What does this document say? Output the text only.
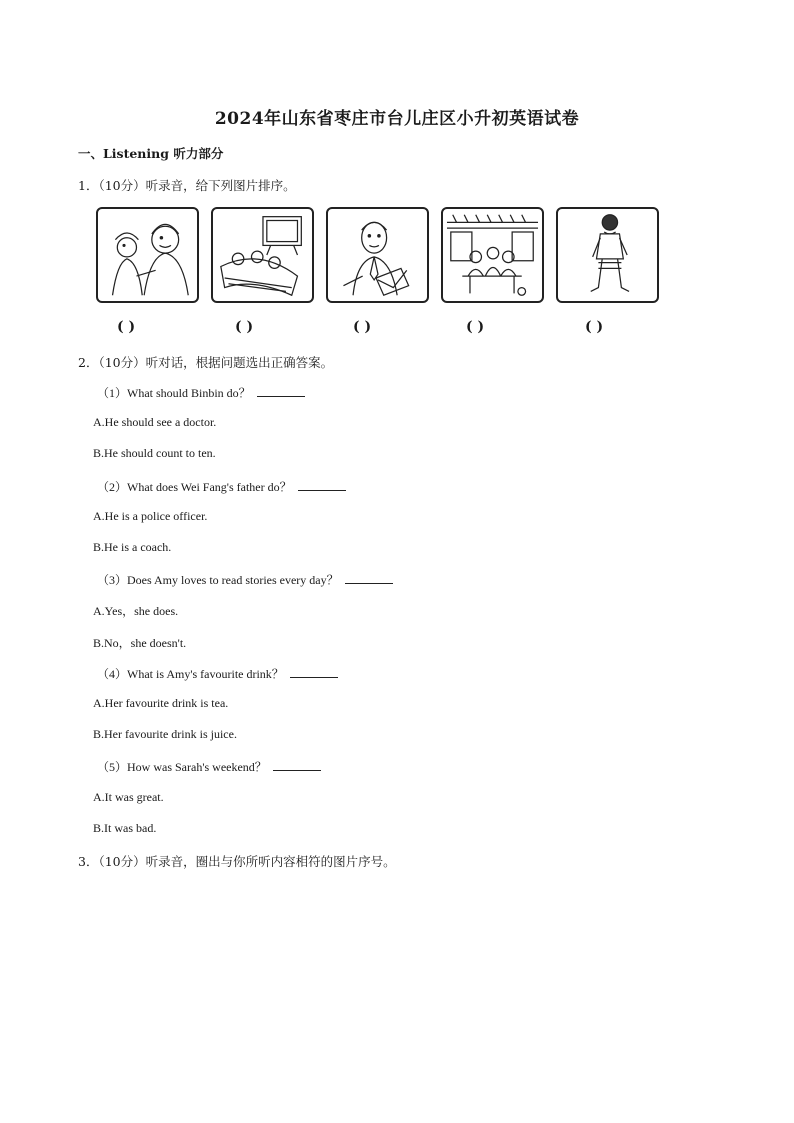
2024年山东省枣庄市台儿庄区小升初英语试卷
一、Listening 听力部分
1．（10分）听录音，给下列图片排序。
( )	( )	( )	( )	( )
2．（10分）听对话，根据问题选出正确答案。
（1）What should Binbin do？
A.He should see a doctor.
B.He should count to ten.
（2）What does Wei Fang's father do？
A.He is a police officer.
B.He is a coach.
（3）Does Amy loves to read stories every day？
A.Yes，she does.
B.No，she doesn't.
（4）What is Amy's favourite drink？
A.Her favourite drink is tea.
B.Her favourite drink is juice.
（5）How was Sarah's weekend？
A.It was great.
B.It was bad.
3．（10分）听录音，圈出与你所听内容相符的图片序号。
